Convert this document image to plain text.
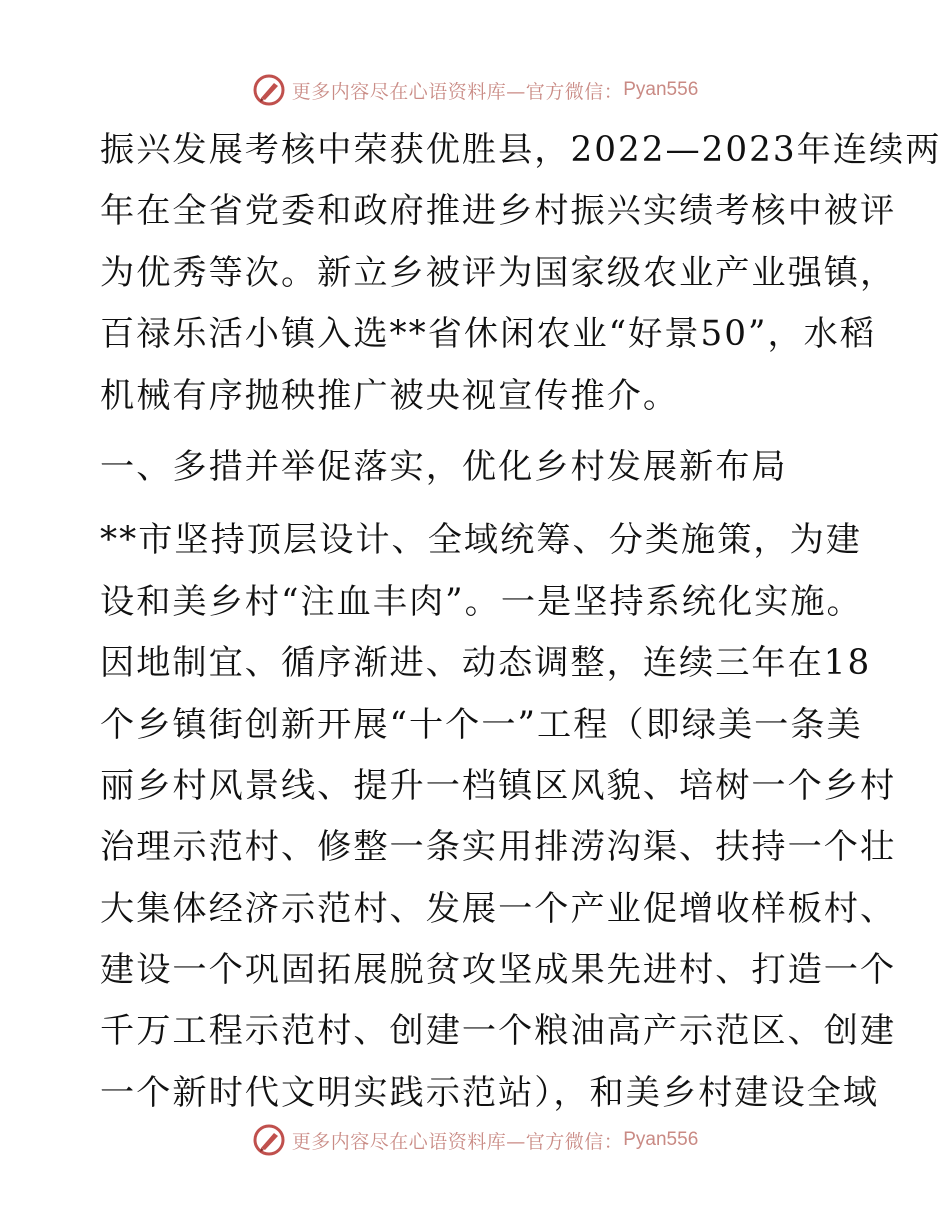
更多内容尽在心语资料库—官方微信： Pyan556
振兴发展考核中荣获优胜县，2022—2023年连续两
年在全省党委和政府推进乡村振兴实绩考核中被评
为优秀等次。新立乡被评为国家级农业产业强镇，
百禄乐活小镇入选**省休闲农业“好景50”，水稻
机械有序抛秧推广被央视宣传推介。
一、多措并举促落实，优化乡村发展新布局
**市坚持顶层设计、全域统筹、分类施策，为建
设和美乡村“注血丰肉”。一是坚持系统化实施。
因地制宜、循序渐进、动态调整，连续三年在18
个乡镇街创新开展“十个一”工程（即绿美一条美
丽乡村风景线、提升一档镇区风貌、培树一个乡村
治理示范村、修整一条实用排涝沟渠、扶持一个壮
大集体经济示范村、发展一个产业促增收样板村、
建设一个巩固拓展脱贫攻坚成果先进村、打造一个
千万工程示范村、创建一个粮油高产示范区、创建
一个新时代文明实践示范站），和美乡村建设全域
更多内容尽在心语资料库—官方微信： Pyan556
